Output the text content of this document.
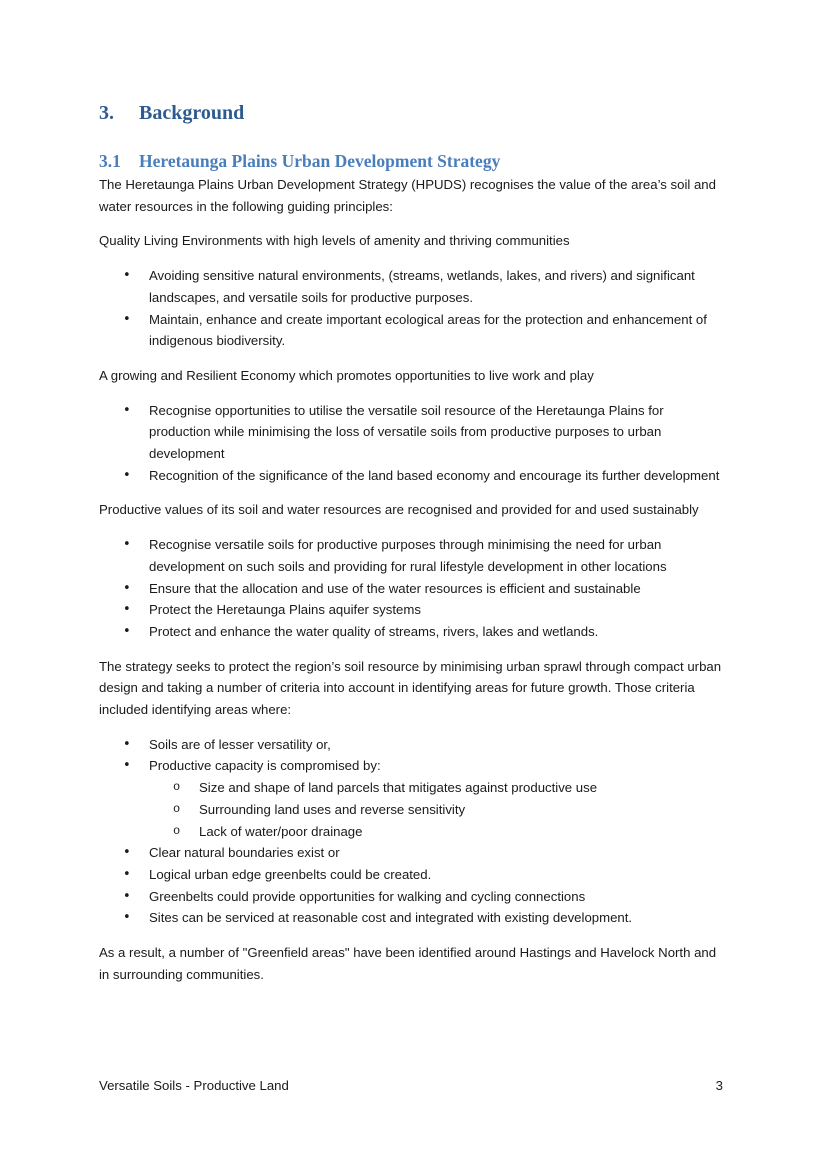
3. Background
3.1 Heretaunga Plains Urban Development Strategy

The Heretaunga Plains Urban Development Strategy (HPUDS) recognises the value of the area’s soil and water resources in the following guiding principles:

Quality Living Environments with high levels of amenity and thriving communities

• Avoiding sensitive natural environments, (streams, wetlands, lakes, and rivers) and significant landscapes, and versatile soils for productive purposes.
• Maintain, enhance and create important ecological areas for the protection and enhancement of indigenous biodiversity.

A growing and Resilient Economy which promotes opportunities to live work and play

• Recognise opportunities to utilise the versatile soil resource of the Heretaunga Plains for production while minimising the loss of versatile soils from productive purposes to urban development
• Recognition of the significance of the land based economy and encourage its further development

Productive values of its soil and water resources are recognised and provided for and used sustainably

• Recognise versatile soils for productive purposes through minimising the need for urban development on such soils and providing for rural lifestyle development in other locations
• Ensure that the allocation and use of the water resources is efficient and sustainable
• Protect the Heretaunga Plains aquifer systems
• Protect and enhance the water quality of streams, rivers, lakes and wetlands.

The strategy seeks to protect the region’s soil resource by minimising urban sprawl through compact urban design and taking a number of criteria into account in identifying areas for future growth. Those criteria included identifying areas where:

• Soils are of lesser versatility or,
• Productive capacity is compromised by:
o Size and shape of land parcels that mitigates against productive use
o Surrounding land uses and reverse sensitivity
o Lack of water/poor drainage
• Clear natural boundaries exist or
• Logical urban edge greenbelts could be created.
• Greenbelts could provide opportunities for walking and cycling connections
• Sites can be serviced at reasonable cost and integrated with existing development.

As a result, a number of "Greenfield areas" have been identified around Hastings and Havelock North and in surrounding communities.

Versatile Soils - Productive Land	3
